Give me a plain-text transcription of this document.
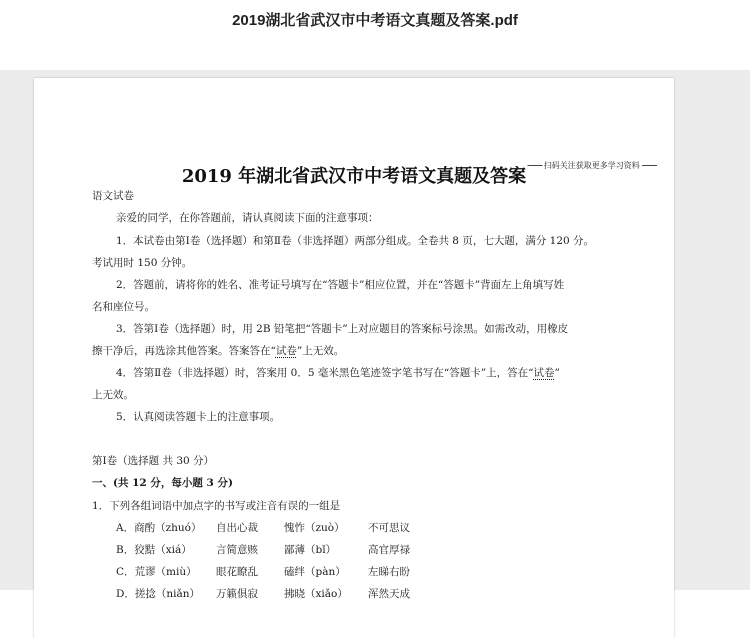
2019湖北省武汉市中考语文真题及答案.pdf
—— 扫码关注获取更多学习资料 ——
2019 年湖北省武汉市中考语文真题及答案
语文试卷
亲爱的同学，在你答题前，请认真阅读下面的注意事项：
1．本试卷由第Ⅰ卷（选择题）和第Ⅱ卷（非选择题）两部分组成。全卷共 8 页，七大题，满分 120 分。
考试用时 150 分钟。
2．答题前，请将你的姓名、准考证号填写在“答题卡”相应位置，并在“答题卡”背面左上角填写姓
名和座位号。
3．答第Ⅰ卷（选择题）时，用 2B 铅笔把“答题卡”上对应题目的答案标号涂黑。如需改动，用橡皮
擦干净后，再选涂其他答案。答案答在“试卷”上无效。
4．答第Ⅱ卷（非选择题）时，答案用 0．5 毫米黑色笔迹签字笔书写在“答题卡”上，答在“试卷”
上无效。
5．认真阅读答题卡上的注意事项。
第Ⅰ卷（选择题 共 30 分）
一、(共 12 分，每小题 3 分)
1．下列各组词语中加点字的书写或注音有误的一组是
A．商酌（zhuó） 自出心裁 愧怍（zuò） 不可思议
B．狡黠（xiá） 言简意赅 鄙薄（bǐ）	高官厚禄
C．荒谬（miù） 眼花瞭乱 磕绊（pàn） 左睇右盼
D．搓捻（niǎn） 万籁俱寂 拂晓（xiǎo） 浑然天成
